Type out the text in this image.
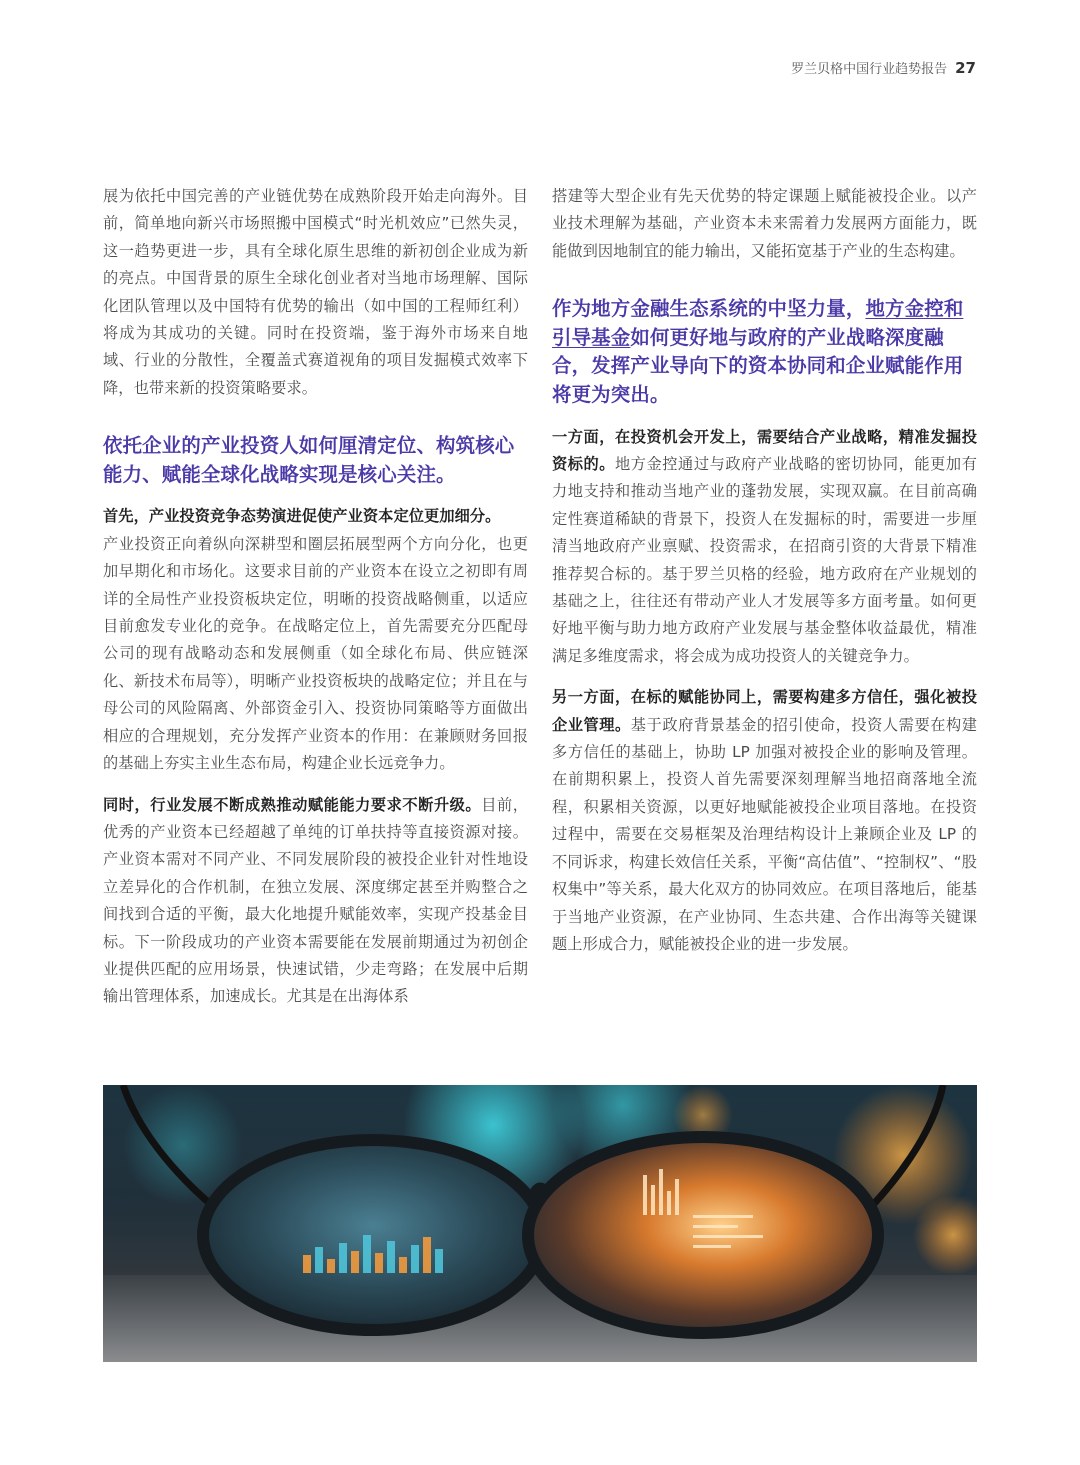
罗兰贝格中国行业趋势报告 27

展为依托中国完善的产业链优势在成熟阶段开始走向海外。目前，简单地向新兴市场照搬中国模式“时光机效应”已然失灵，这一趋势更进一步，具有全球化原生思维的新初创企业成为新的亮点。中国背景的原生全球化创业者对当地市场理解、国际化团队管理以及中国特有优势的输出（如中国的工程师红利）将成为其成功的关键。同时在投资端，鉴于海外市场来自地域、行业的分散性，全覆盖式赛道视角的项目发掘模式效率下降，也带来新的投资策略要求。

依托企业的产业投资人如何厘清定位、构筑核心能力、赋能全球化战略实现是核心关注。

首先，产业投资竞争态势演进促使产业资本定位更加细分。
产业投资正向着纵向深耕型和圈层拓展型两个方向分化，也更加早期化和市场化。这要求目前的产业资本在设立之初即有周详的全局性产业投资板块定位，明晰的投资战略侧重，以适应目前愈发专业化的竞争。在战略定位上，首先需要充分匹配母公司的现有战略动态和发展侧重（如全球化布局、供应链深化、新技术布局等），明晰产业投资板块的战略定位；并且在与母公司的风险隔离、外部资金引入、投资协同策略等方面做出相应的合理规划，充分发挥产业资本的作用：在兼顾财务回报的基础上夯实主业生态布局，构建企业长远竞争力。

同时，行业发展不断成熟推动赋能能力要求不断升级。目前，优秀的产业资本已经超越了单纯的订单扶持等直接资源对接。产业资本需对不同产业、不同发展阶段的被投企业针对性地设立差异化的合作机制，在独立发展、深度绑定甚至并购整合之间找到合适的平衡，最大化地提升赋能效率，实现产投基金目标。下一阶段成功的产业资本需要能在发展前期通过为初创企业提供匹配的应用场景，快速试错，少走弯路；在发展中后期输出管理体系，加速成长。尤其是在出海体系

搭建等大型企业有先天优势的特定课题上赋能被投企业。以产业技术理解为基础，产业资本未来需着力发展两方面能力，既能做到因地制宜的能力输出，又能拓宽基于产业的生态构建。

作为地方金融生态系统的中坚力量，地方金控和引导基金如何更好地与政府的产业战略深度融合，发挥产业导向下的资本协同和企业赋能作用将更为突出。

一方面，在投资机会开发上，需要结合产业战略，精准发掘投资标的。地方金控通过与政府产业战略的密切协同，能更加有力地支持和推动当地产业的蓬勃发展，实现双赢。在目前高确定性赛道稀缺的背景下，投资人在发掘标的时，需要进一步厘清当地政府产业禀赋、投资需求，在招商引资的大背景下精准推荐契合标的。基于罗兰贝格的经验，地方政府在产业规划的基础之上，往往还有带动产业人才发展等多方面考量。如何更好地平衡与助力地方政府产业发展与基金整体收益最优，精准满足多维度需求，将会成为成功投资人的关键竞争力。

另一方面，在标的赋能协同上，需要构建多方信任，强化被投企业管理。基于政府背景基金的招引使命，投资人需要在构建多方信任的基础上，协助 LP 加强对被投企业的影响及管理。在前期积累上，投资人首先需要深刻理解当地招商落地全流程，积累相关资源，以更好地赋能被投企业项目落地。在投资过程中，需要在交易框架及治理结构设计上兼顾企业及 LP 的不同诉求，构建长效信任关系，平衡“高估值”、“控制权”、“股权集中”等关系，最大化双方的协同效应。在项目落地后，能基于当地产业资源，在产业协同、生态共建、合作出海等关键课题上形成合力，赋能被投企业的进一步发展。
